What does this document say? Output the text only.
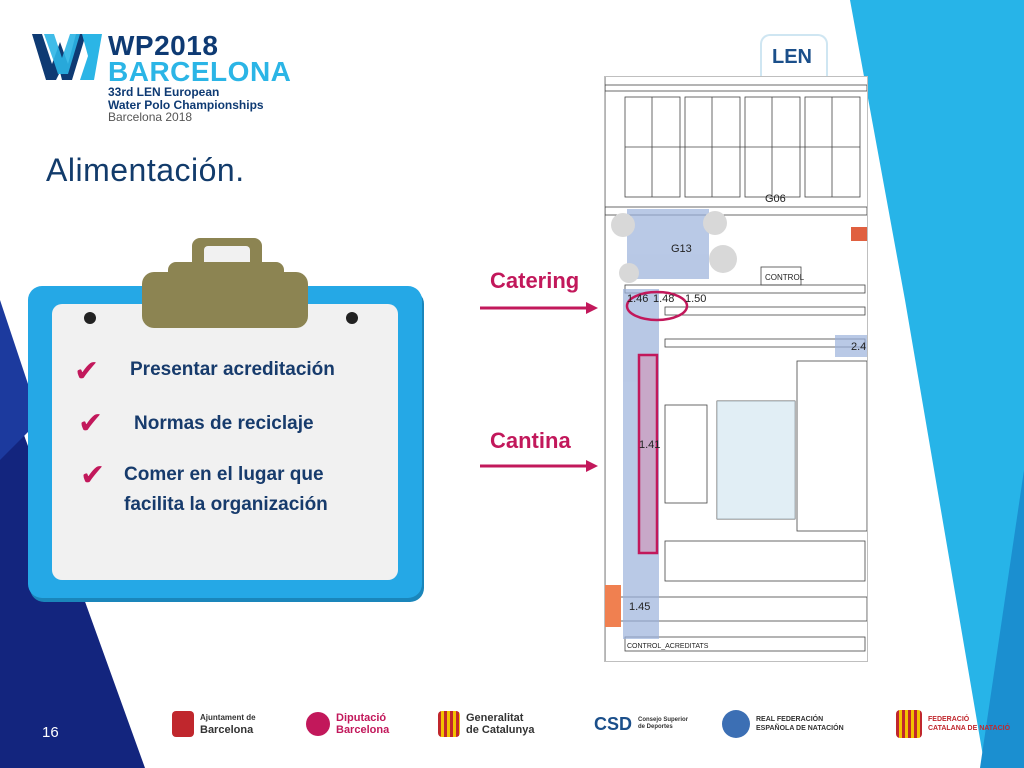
WP2018
BARCELONA
33rd LEN European
Water Polo Championships
Barcelona 2018
Alimentación.
✔ Presentar acreditación
✔ Normas de reciclaje
✔ Comer en el lugar que
facilita la organización
LEN
G06
G13
1.46 1.48 1.50
CONTROL
2.4
1.41
1.45
CONTROL_ACREDITATS
Catering
Cantina
16
Ajuntament de
Barcelona
Diputació
Barcelona
Generalitat
de Catalunya	CSD Consejo Superior de Deportes
REAL FEDERACIÓN
ESPAÑOLA DE NATACIÓN
FEDERACIÓ
CATALANA DE NATACIÓ
